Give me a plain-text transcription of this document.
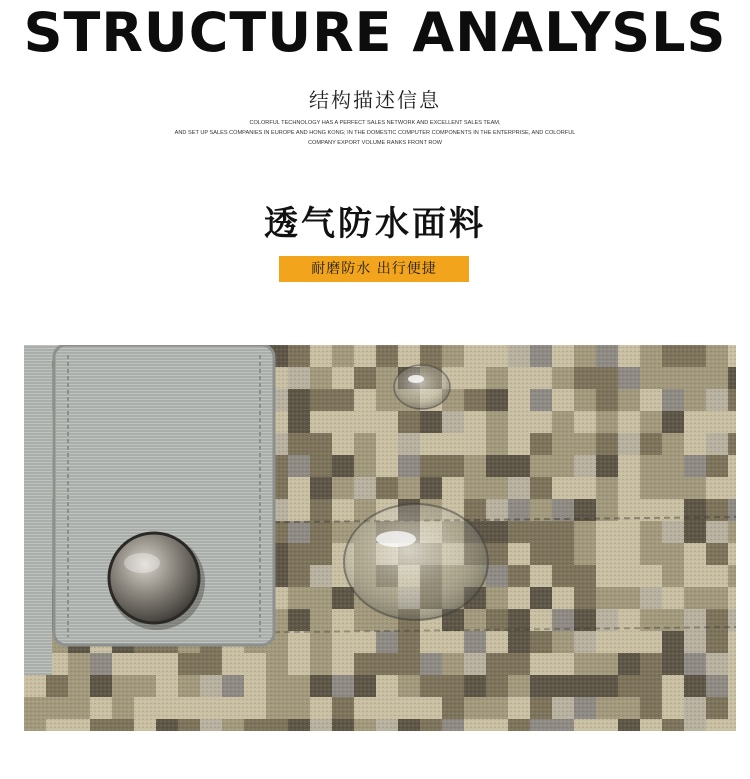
STRUCTURE ANALYSLS
结构描述信息
COLORFUL TECHNOLOGY HAS A PERFECT SALES NETWORK AND EXCELLENT SALES TEAM,
AND SET UP SALES COMPANIES IN EUROPE AND HONG KONG; IN THE DOMESTIC COMPUTER COMPONENTS IN THE ENTERPRISE, AND COLORFUL
COMPANY EXPORT VOLUME RANKS FRONT ROW
透气防水面料
耐磨防水 出行便捷
